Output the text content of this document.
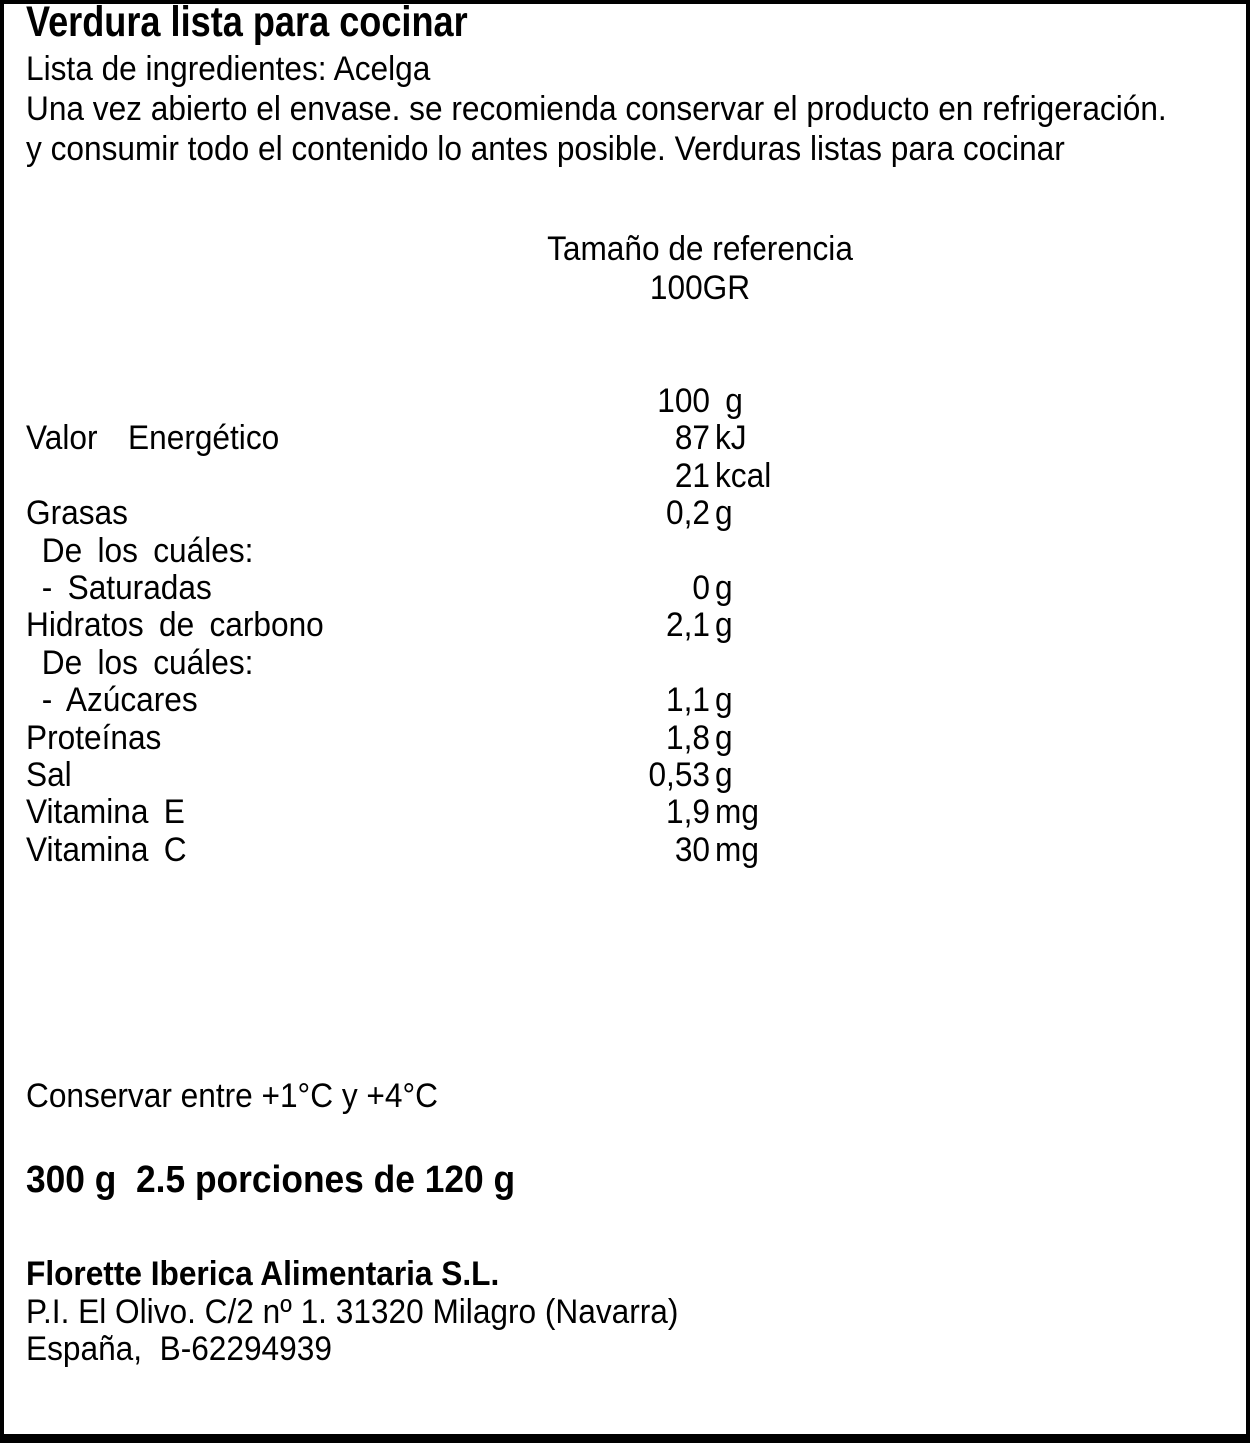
Verdura lista para cocinar
Lista de ingredientes: Acelga
Una vez abierto el envase. se recomienda conservar el producto en refrigeración.
y consumir todo el contenido lo antes posible. Verduras listas para cocinar
Tamaño de referencia
100GR
100 g
Valor  Energético	87 kJ
21 kcal
Grasas	0,2 g
De los cuáles:
- Saturadas	0 g
Hidratos de carbono	2,1 g
De los cuáles:
- Azúcares	1,1 g
Proteínas	1,8 g
Sal	0,53 g
Vitamina E	1,9 mg
Vitamina C	30 mg
Conservar entre +1°C y +4°C
300 g  2.5 porciones de 120 g
Florette Iberica Alimentaria S.L.
P.I. El Olivo. C/2 nº 1. 31320 Milagro (Navarra)
España,  B-62294939
